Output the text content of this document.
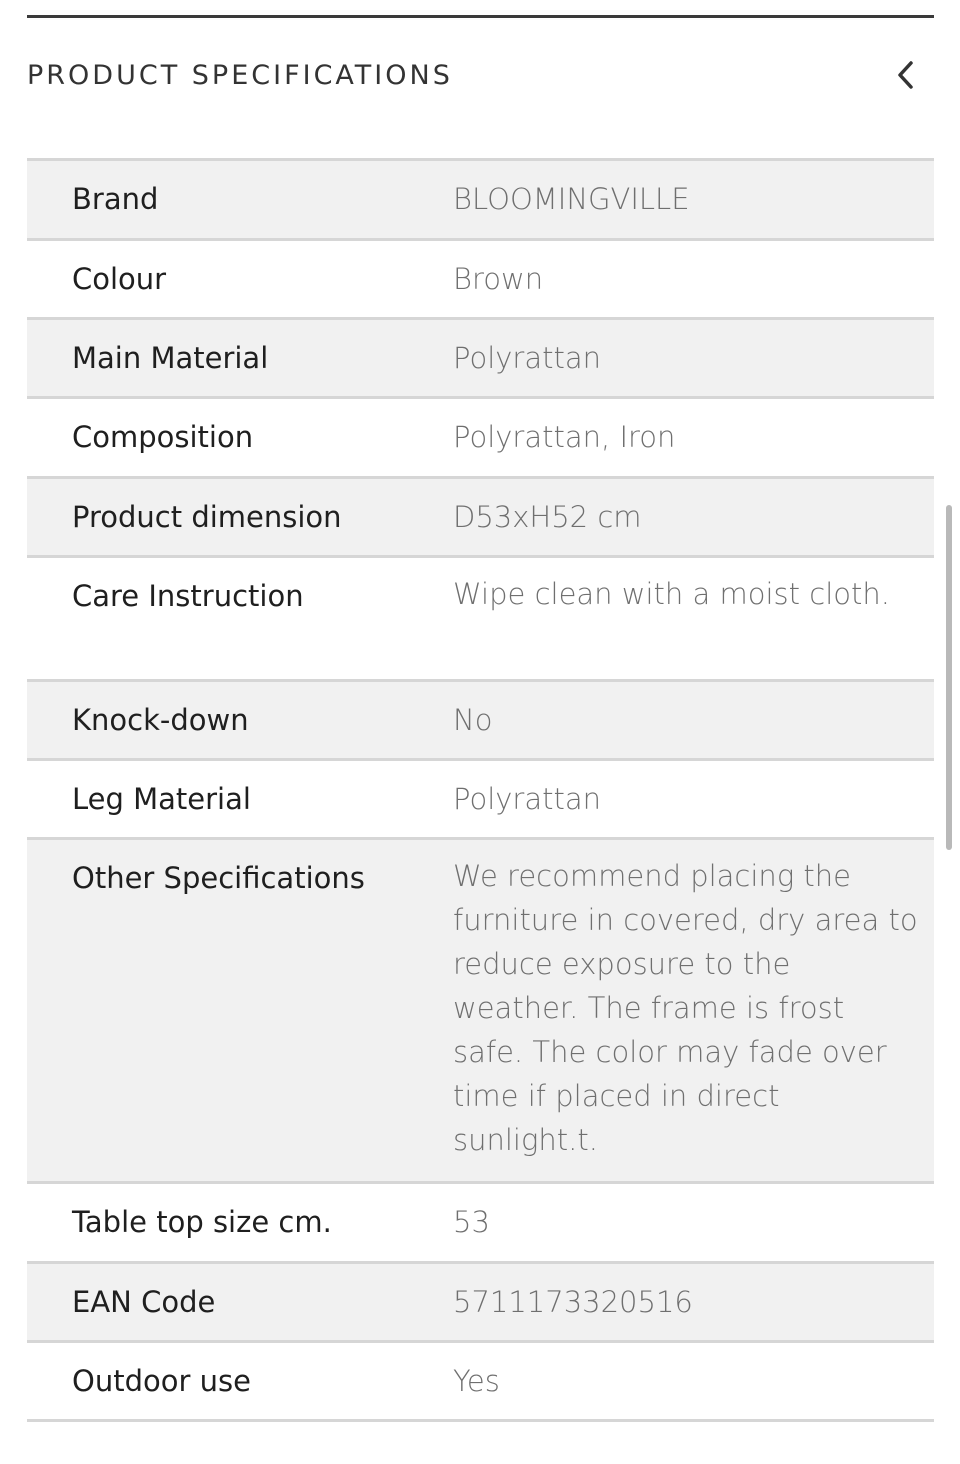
PRODUCT SPECIFICATIONS
Brand	BLOOMINGVILLE
Colour	Brown
Main Material	Polyrattan
Composition	Polyrattan, Iron
Product dimension	D53xH52 cm
Care Instruction	Wipe clean with a moist cloth.
Knock-down	No
Leg Material	Polyrattan
Other Specifications	We recommend placing the furniture in covered, dry area to reduce exposure to the weather. The frame is frost safe. The color may fade over time if placed in direct sunlight.t.
Table top size cm.	53
EAN Code	5711173320516
Outdoor use	Yes
